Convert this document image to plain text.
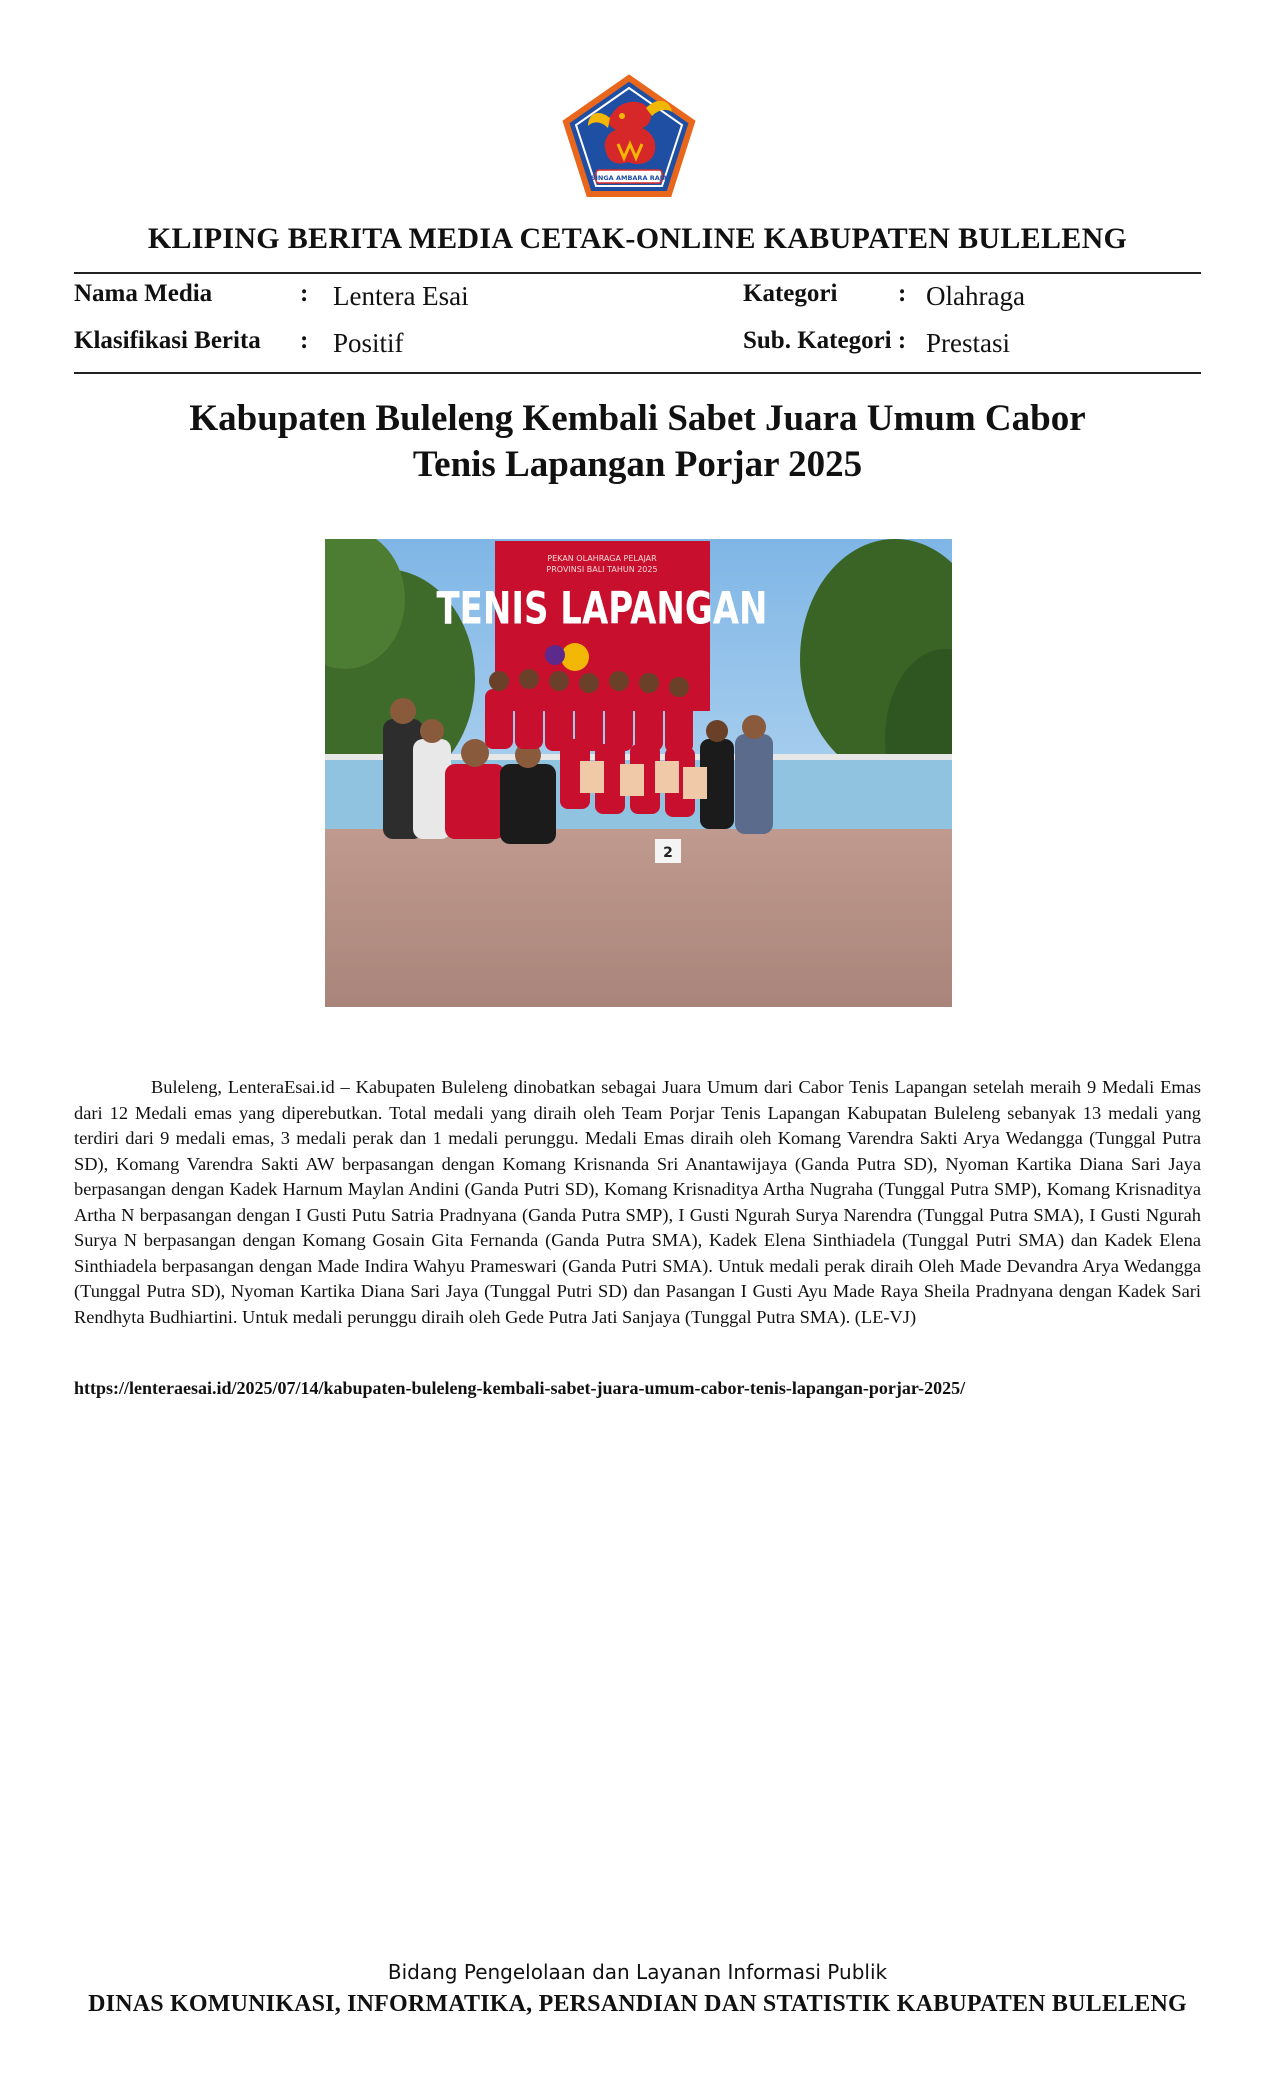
SINGA AMBARA RAJA
KLIPING BERITA MEDIA CETAK-ONLINE KABUPATEN BULELENG
Nama Media	: Lentera Esai
Klasifikasi Berita : Positif
Kategori : Olahraga
Sub. Kategori : Prestasi
Kabupaten Buleleng Kembali Sabet Juara Umum Cabor
Tenis Lapangan Porjar 2025
PEKAN OLAHRAGA PELAJAR
PROVINSI BALI TAHUN 2025
TENIS LAPANGAN
2

Buleleng, LenteraEsai.id – Kabupaten Buleleng dinobatkan sebagai Juara Umum dari Cabor Tenis Lapangan setelah meraih 9 Medali Emas dari 12 Medali emas yang diperebutkan. Total medali yang diraih oleh Team Porjar Tenis Lapangan Kabupatan Buleleng sebanyak 13 medali yang terdiri dari 9 medali emas, 3 medali perak dan 1 medali perunggu. Medali Emas diraih oleh Komang Varendra Sakti Arya Wedangga (Tunggal Putra SD), Komang Varendra Sakti AW berpasangan dengan Komang Krisnanda Sri Anantawijaya (Ganda Putra SD), Nyoman Kartika Diana Sari Jaya berpasangan dengan Kadek Harnum Maylan Andini (Ganda Putri SD), Komang Krisnaditya Artha Nugraha (Tunggal Putra SMP), Komang Krisnaditya Artha N berpasangan dengan I Gusti Putu Satria Pradnyana (Ganda Putra SMP), I Gusti Ngurah Surya Narendra (Tunggal Putra SMA), I Gusti Ngurah Surya N berpasangan dengan Komang Gosain Gita Fernanda (Ganda Putra SMA), Kadek Elena Sinthiadela (Tunggal Putri SMA) dan Kadek Elena Sinthiadela berpasangan dengan Made Indira Wahyu Prameswari (Ganda Putri SMA). Untuk medali perak diraih Oleh Made Devandra Arya Wedangga (Tunggal Putra SD), Nyoman Kartika Diana Sari Jaya (Tunggal Putri SD) dan Pasangan I Gusti Ayu Made Raya Sheila Pradnyana dengan Kadek Sari Rendhyta Budhiartini. Untuk medali perunggu diraih oleh Gede Putra Jati Sanjaya (Tunggal Putra SMA). (LE-VJ)

https://lenteraesai.id/2025/07/14/kabupaten-buleleng-kembali-sabet-juara-umum-cabor-tenis-lapangan-porjar-2025/
Bidang Pengelolaan dan Layanan Informasi Publik
DINAS KOMUNIKASI, INFORMATIKA, PERSANDIAN DAN STATISTIK KABUPATEN BULELENG
